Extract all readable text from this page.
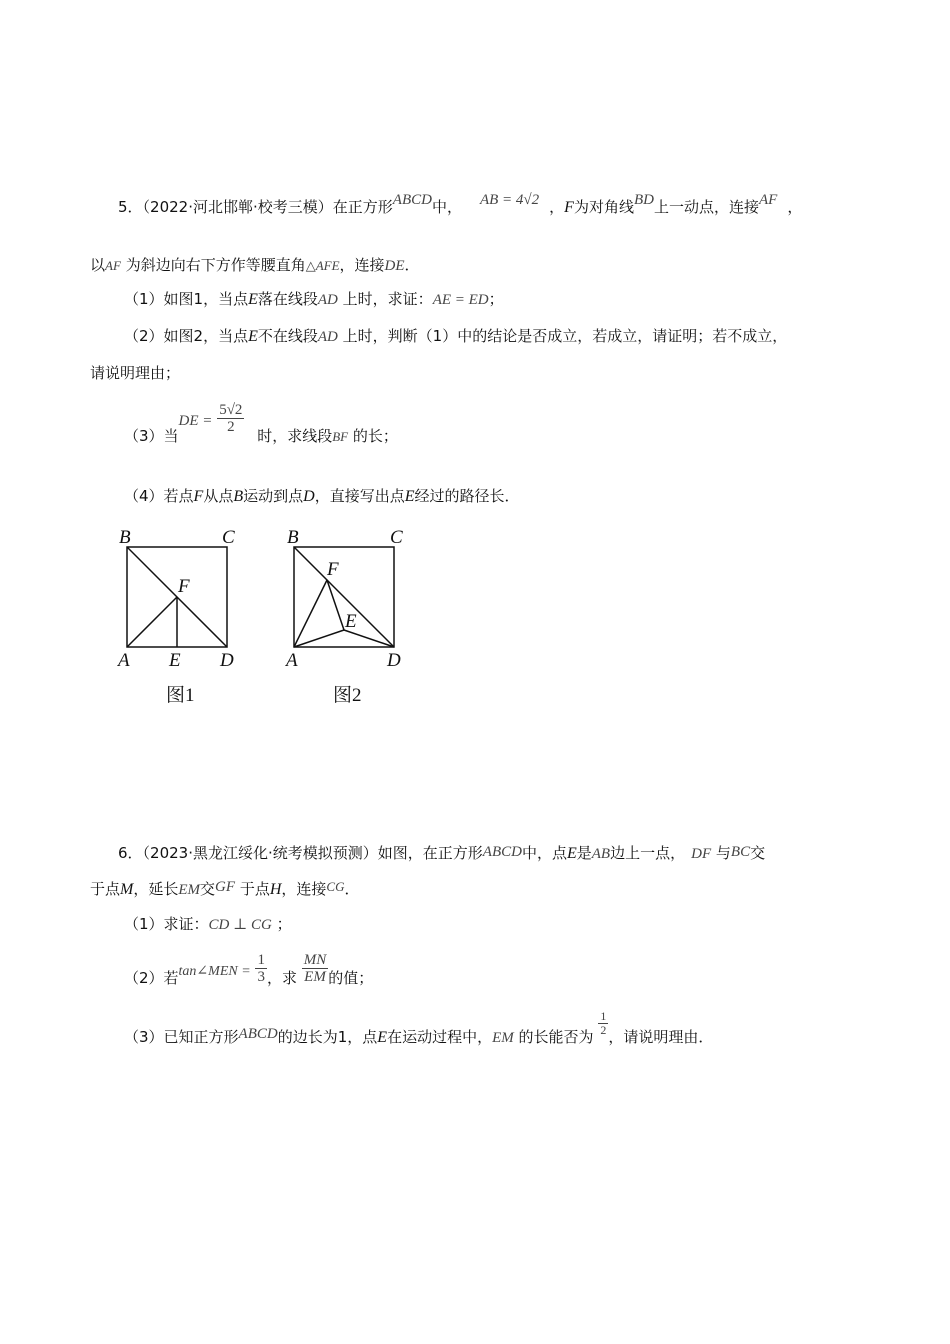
5．（2022·河北邯郸·校考三模）在正方形ABCD中， AB = 4√2 ，F为对角线BD上一动点，连接AF ，
以AF 为斜边向右下方作等腰直角△AFE，连接DE．
（1）如图1，当点E落在线段AD 上时，求证：AE = ED；
（2）如图2，当点E不在线段AD 上时，判断（1）中的结论是否成立，若成立，请证明；若不成立，
请说明理由；
（3）当DE = $\frac{5√2}{2}$
时，求线段BF 的长；
（4）若点F从点B运动到点D，直接写出点E经过的路径长．
B	C
F
A E D
图1
B	C
F
E
A	D
图2
6．（2023·黑龙江绥化·统考模拟预测）如图，在正方形ABCD中，点E是AB边上一点， DF 与BC交
于点M，延长EM交GF 于点H，连接CG．
（1）求证：CD ⊥ CG ；
（2）若tan∠MEN = $\frac{1}{3}$ ，求 $\frac{MN}{EM}$ 的值；
（3）已知正方形ABCD的边长为1，点E在运动过程中，EM 的长能否为 $\frac{1}{2}$ ，请说明理由．
